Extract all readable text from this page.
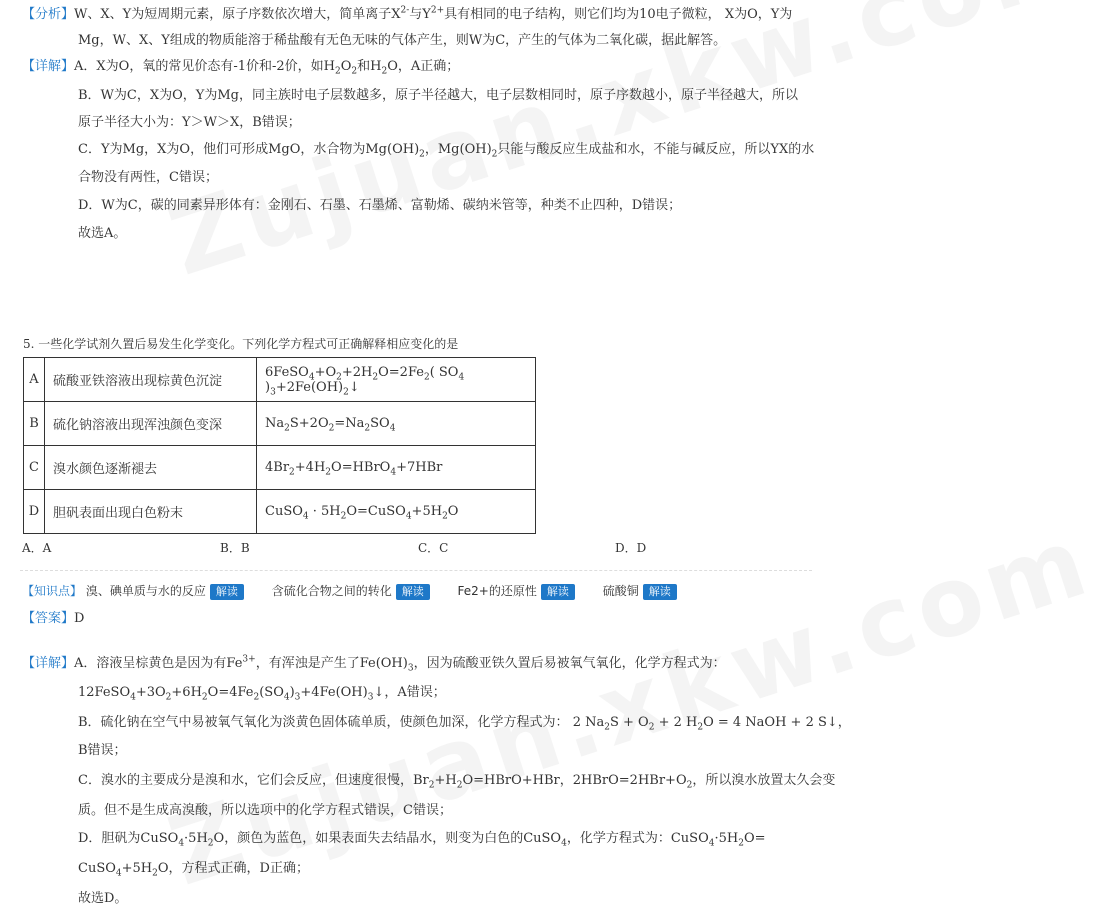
【分析】W、X、Y为短周期元素，原子序数依次增大，简单离子$X^{2-}$与$Y^{2+}$具有相同的电子结构，则它们均为10电子微粒， X为O，Y为
Mg，W、X、Y组成的物质能溶于稀盐酸有无色无味的气体产生，则W为C，产生的气体为二氧化碳，据此解答。
【详解】A．X为O，氧的常见价态有-1价和-2价，如$H_2O_2$和$H_2O$，A正确；
B．W为C，X为O，Y为Mg，同主族时电子层数越多，原子半径越大，电子层数相同时，原子序数越小，原子半径越大，所以
原子半径大小为：Y＞W＞X，B错误；
C．Y为Mg，X为O，他们可形成MgO，水合物为$Mg(OH)_2$，$Mg(OH)_2$只能与酸反应生成盐和水，不能与碱反应，所以YX的水
合物没有两性，C错误；
D．W为C，碳的同素异形体有：金刚石、石墨、石墨烯、富勒烯、碳纳米管等，种类不止四种，D错误；
故选A。
5. 一些化学试剂久置后易发生化学变化。下列化学方程式可正确解释相应变化的是
A	硫酸亚铁溶液出现棕黄色沉淀	$6FeSO_4+O_2+2H_2O=2Fe_2$( $SO_4$ )$_3+2Fe(OH)_2↓$
B	硫化钠溶液出现浑浊颜色变深	$Na_2S+2O_2=Na_2SO_4$
C	溴水颜色逐渐褪去	$4Br_2+4H_2O=HBrO_4+7HBr$
D	胆矾表面出现白色粉末	CuSO$_4$ · $5H_2O=CuSO_4+5H_2O$
A．A	B．B	C．C	D．D
【知识点】 溴、碘单质与水的反应 解读	含硫化合物之间的转化 解读	Fe2+的还原性 解读	硫酸铜 解读
【答案】D
【详解】A．溶液呈棕黄色是因为有$Fe^{3+}$，有浑浊是产生了$Fe(OH)_3$，因为硫酸亚铁久置后易被氧气氧化，化学方程式为：
$12FeSO_4+3O_2+6H_2O=4Fe_2(SO_4)_3+4Fe(OH)_3↓$，A错误；
B．硫化钠在空气中易被氧气氧化为淡黄色固体硫单质，使颜色加深，化学方程式为： 2 $Na_2S + O_2 + 2$ $H_2O = 4$ NaOH + 2 S↓，
B错误；
C．溴水的主要成分是溴和水，它们会反应，但速度很慢，$Br_2+H_2O=HBrO+HBr$，$2HBrO=2HBr+O_2$，所以溴水放置太久会变
质。但不是生成高溴酸，所以选项中的化学方程式错误，C错误；
D．胆矾为$CuSO_4\cdot 5H_2O$，颜色为蓝色，如果表面失去结晶水，则变为白色的CuSO$_4$，化学方程式为：$CuSO_4\cdot 5H_2O=$
$CuSO_4+5H_2O$，方程式正确，D正确；
故选D。
